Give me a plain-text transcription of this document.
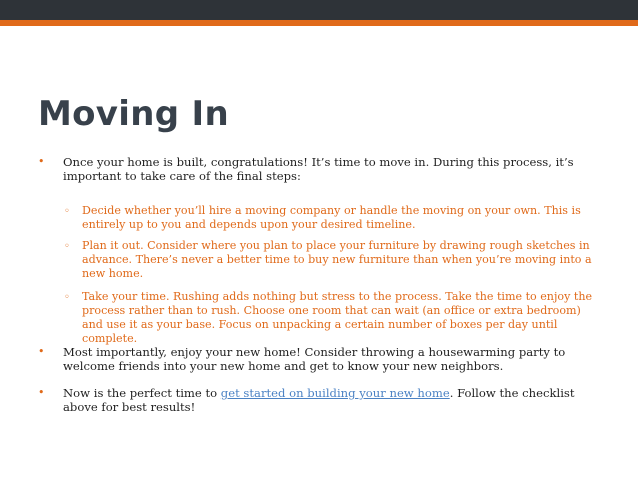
Moving In
• Once your home is built, congratulations! It’s time to move in. During this process, it’s important to take care of the final steps:
◦ Decide whether you’ll hire a moving company or handle the moving on your own. This is entirely up to you and depends upon your desired timeline.
◦ Plan it out. Consider where you plan to place your furniture by drawing rough sketches in advance. There’s never a better time to buy new furniture than when you’re moving into a new home.
◦ Take your time. Rushing adds nothing but stress to the process. Take the time to enjoy the process rather than to rush. Choose one room that can wait (an office or extra bedroom) and use it as your base. Focus on unpacking a certain number of boxes per day until complete.
• Most importantly, enjoy your new home! Consider throwing a housewarming party to welcome friends into your new home and get to know your new neighbors.
• Now is the perfect time to get started on building your new home. Follow the checklist above for best results!
